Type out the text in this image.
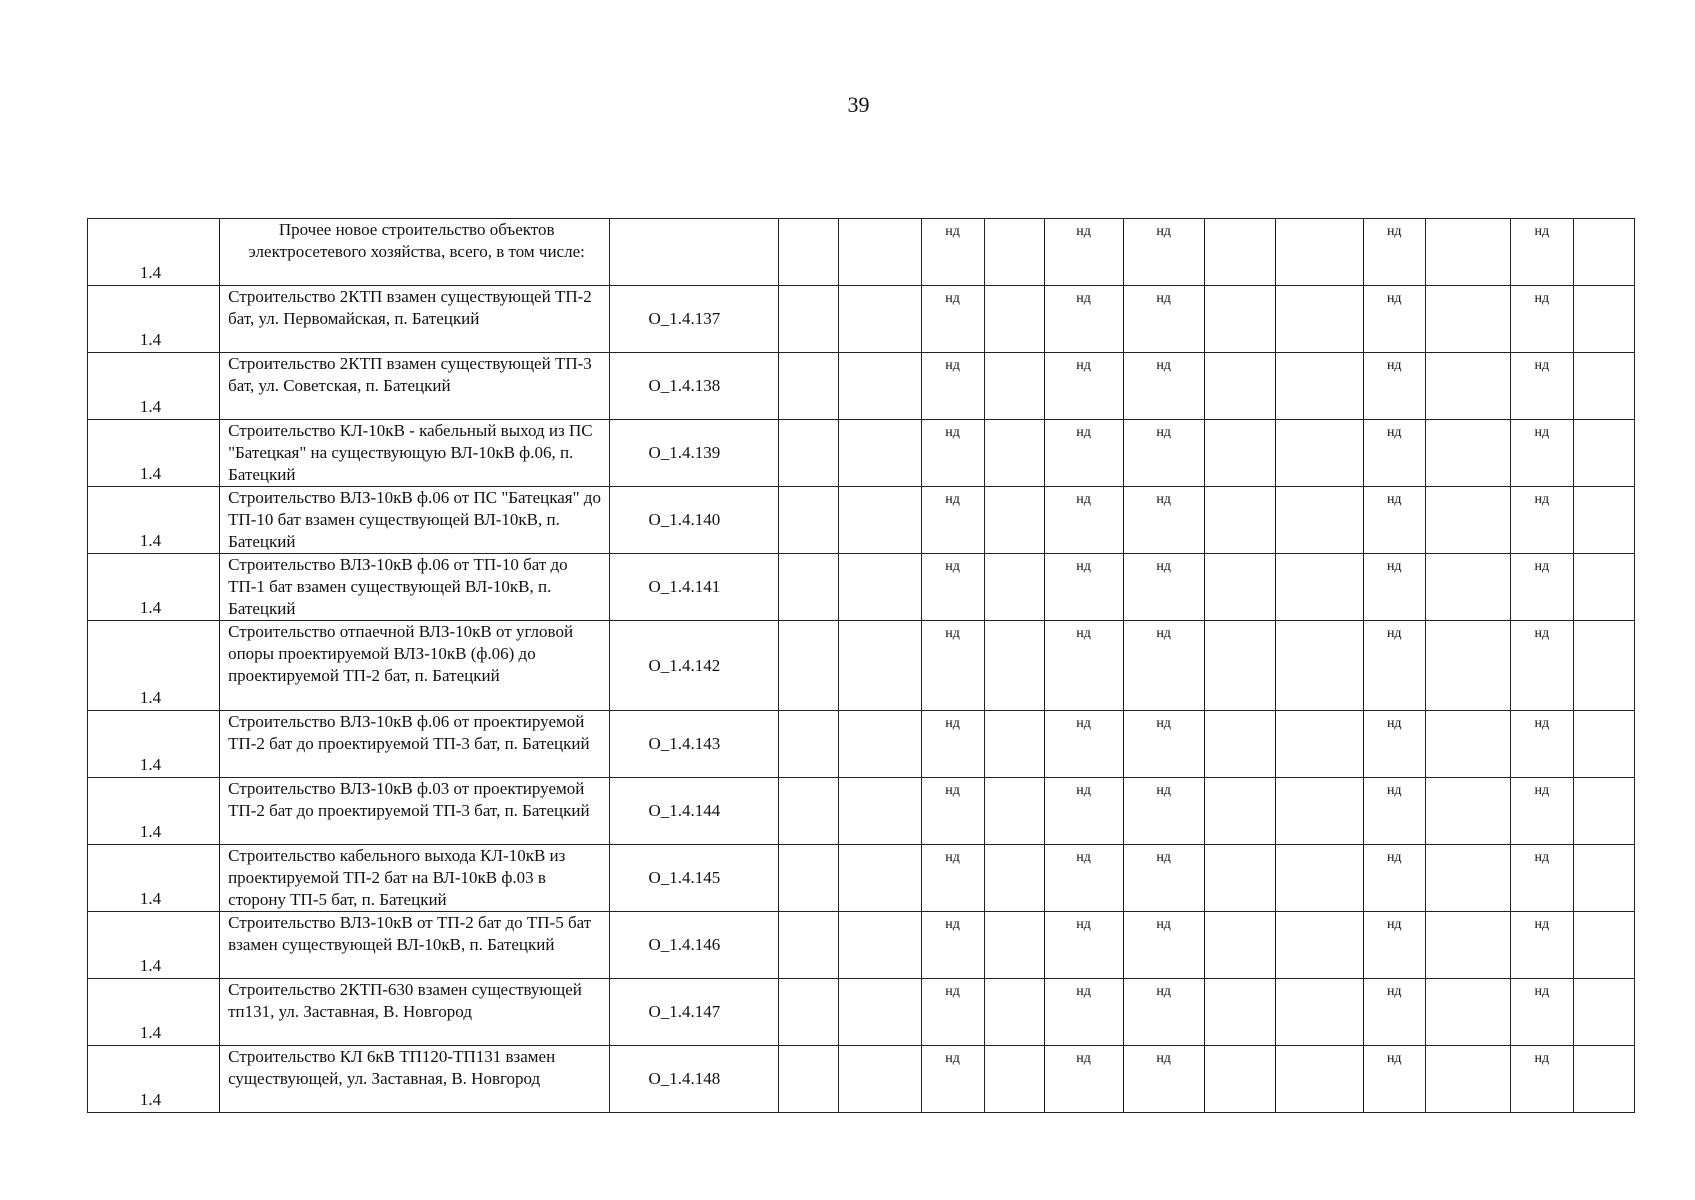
39
1.4	Прочее новое строительство объектов электросетевого хозяйства, всего, в том числе:				нд		нд	нд			нд		нд	

1.4	Строительство 2КТП взамен существующей ТП-2 бат, ул. Первомайская, п. Батецкий	O_1.4.137			нд		нд	нд			нд		нд	

1.4	Строительство 2КТП взамен существующей ТП-3 бат, ул. Советская, п. Батецкий	O_1.4.138			нд		нд	нд			нд		нд	

1.4	Строительство КЛ-10кВ - кабельный выход из ПС "Батецкая" на существующую ВЛ-10кВ ф.06, п. Батецкий	O_1.4.139			нд		нд	нд			нд		нд	

1.4	Строительство ВЛЗ-10кВ ф.06 от ПС "Батецкая" до ТП-10 бат взамен существующей ВЛ-10кВ, п. Батецкий	O_1.4.140			нд		нд	нд			нд		нд	

1.4	Строительство ВЛЗ-10кВ ф.06 от ТП-10 бат до ТП-1 бат взамен существующей ВЛ-10кВ, п. Батецкий	O_1.4.141			нд		нд	нд			нд		нд	

1.4	Строительство отпаечной ВЛЗ-10кВ от угловой опоры проектируемой ВЛЗ-10кВ (ф.06) до проектируемой ТП-2 бат, п. Батецкий	O_1.4.142			нд		нд	нд			нд		нд	

1.4	Строительство ВЛЗ-10кВ ф.06 от проектируемой ТП-2 бат до проектируемой ТП-3 бат, п. Батецкий	O_1.4.143			нд		нд	нд			нд		нд	

1.4	Строительство ВЛЗ-10кВ ф.03 от проектируемой ТП-2 бат до проектируемой ТП-3 бат, п. Батецкий	O_1.4.144			нд		нд	нд			нд		нд	

1.4	Строительство кабельного выхода КЛ-10кВ из проектируемой ТП-2 бат на ВЛ-10кВ ф.03 в сторону ТП-5 бат, п. Батецкий	O_1.4.145			нд		нд	нд			нд		нд	

1.4	Строительство ВЛЗ-10кВ от ТП-2 бат до ТП-5 бат взамен существующей ВЛ-10кВ, п. Батецкий	O_1.4.146			нд		нд	нд			нд		нд	

1.4	Строительство 2КТП-630 взамен существующей тп131, ул. Заставная, В. Новгород	O_1.4.147			нд		нд	нд			нд		нд	

1.4	Строительство КЛ 6кВ ТП120-ТП131 взамен существующей, ул. Заставная, В. Новгород	O_1.4.148			нд		нд	нд			нд		нд	
